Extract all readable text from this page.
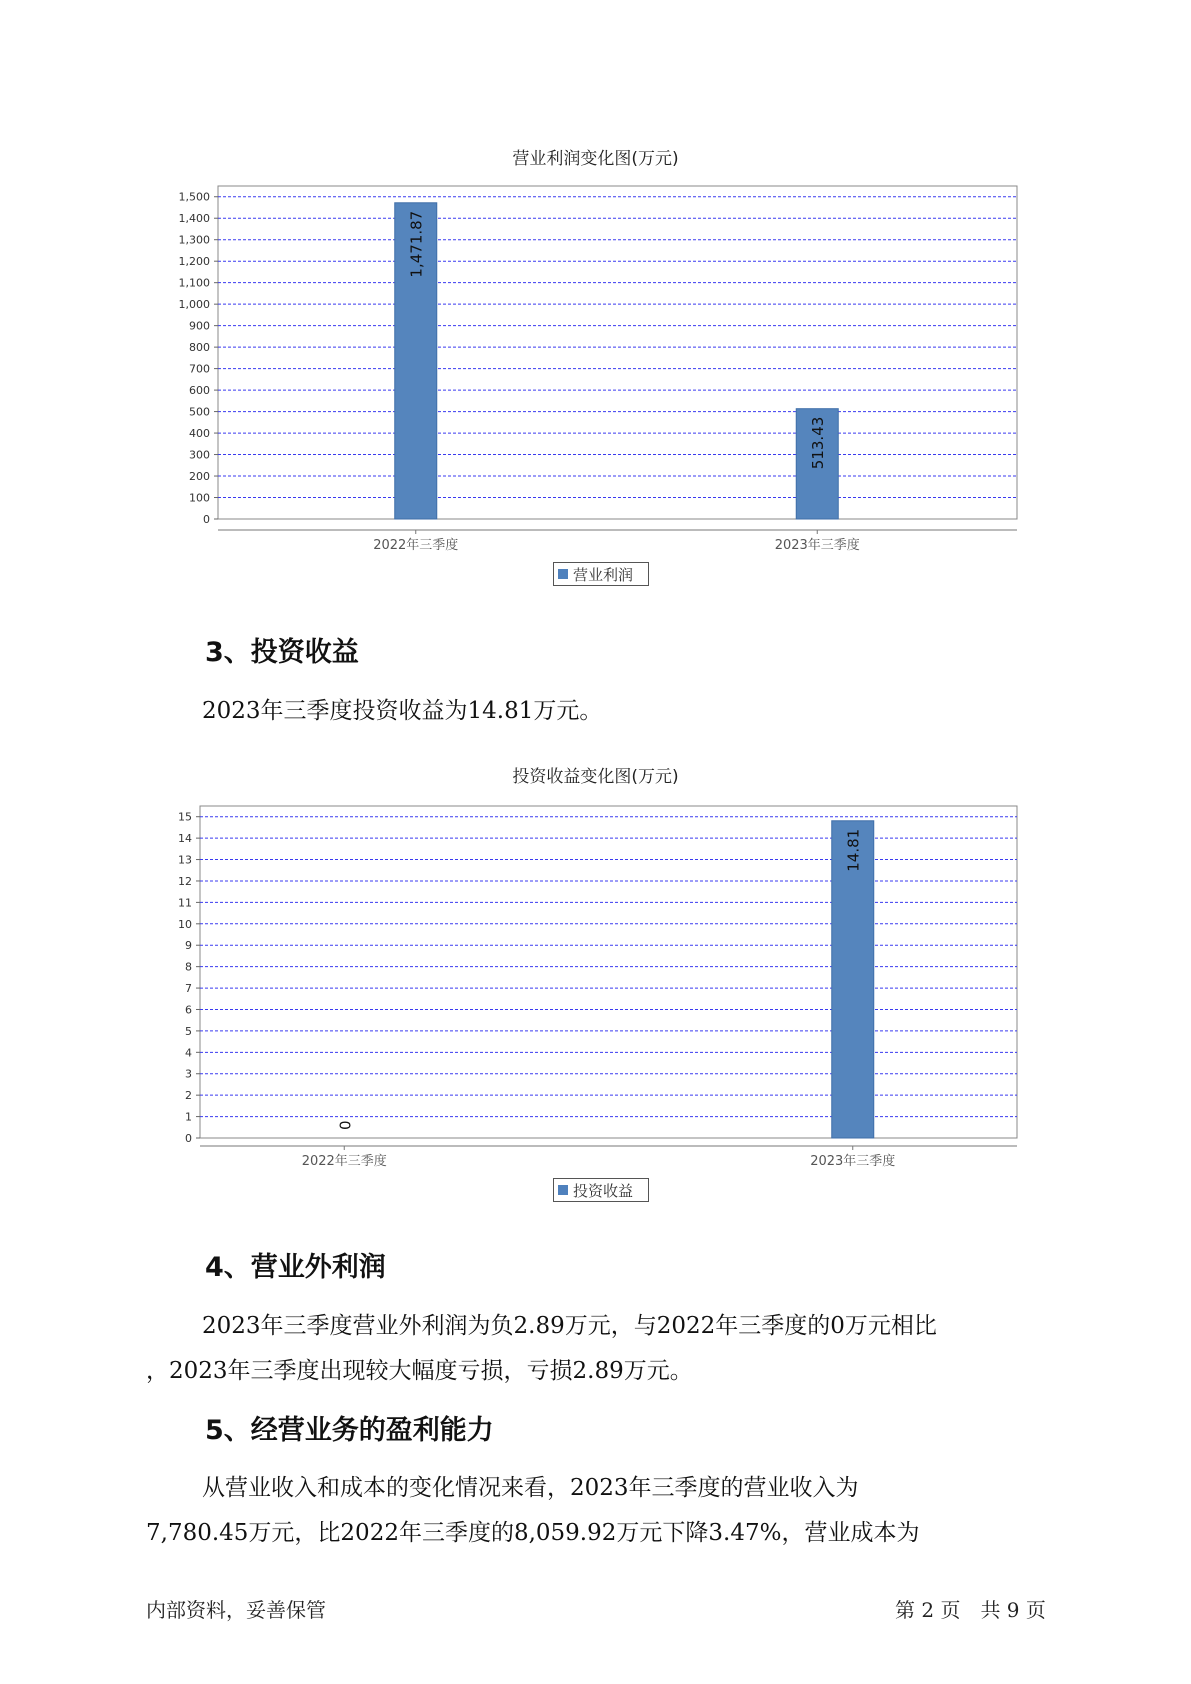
营业利润变化图(万元)
0
100
200
300
400
500
600
700
800
900
1,000
1,100
1,200
1,300
1,400
1,500
1,471.87
2022年三季度
513.43
2023年三季度
营业利润
3、投资收益

2023年三季度投资收益为14.81万元。

投资收益变化图(万元)
0
1
2
3
4
5
6
7
8
9
10
11
12
13
14
15
0
2022年三季度
14.81
2023年三季度
投资收益
4、营业外利润

2023年三季度营业外利润为负2.89万元，与2022年三季度的0万元相比

，2023年三季度出现较大幅度亏损，亏损2.89万元。

5、经营业务的盈利能力

从营业收入和成本的变化情况来看，2023年三季度的营业收入为

7,780.45万元，比2022年三季度的8,059.92万元下降3.47%，营业成本为

内部资料，妥善保管	第 2 页　共 9 页
